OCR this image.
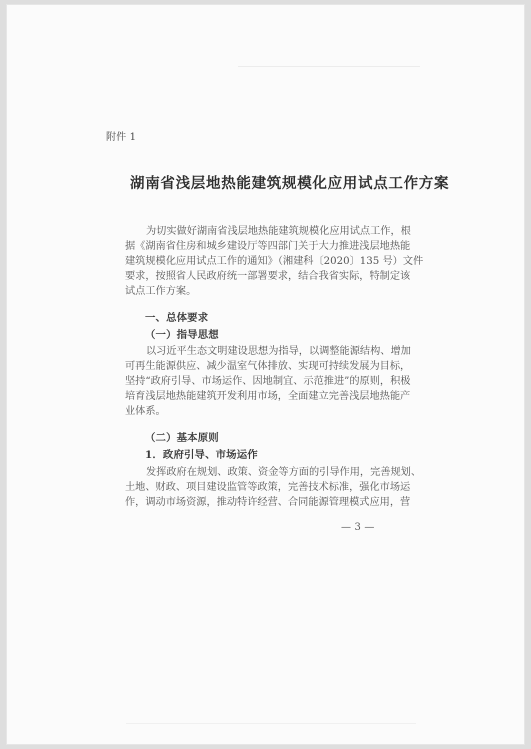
附件 1
湖南省浅层地热能建筑规模化应用试点工作方案
为切实做好湖南省浅层地热能建筑规模化应用试点工作，根
据《湖南省住房和城乡建设厅等四部门关于大力推进浅层地热能
建筑规模化应用试点工作的通知》（湘建科〔2020〕135 号）文件
要求，按照省人民政府统一部署要求，结合我省实际，特制定该
试点工作方案。
一、总体要求
（一）指导思想
以习近平生态文明建设思想为指导，以调整能源结构、增加
可再生能源供应、减少温室气体排放、实现可持续发展为目标，
坚持“政府引导、市场运作、因地制宜、示范推进”的原则，积极
培育浅层地热能建筑开发利用市场，全面建立完善浅层地热能产
业体系。
（二）基本原则
1．政府引导、市场运作
发挥政府在规划、政策、资金等方面的引导作用，完善规划、
土地、财政、项目建设监管等政策，完善技术标准，强化市场运
作，调动市场资源，推动特许经营、合同能源管理模式应用，营
— 3 —
